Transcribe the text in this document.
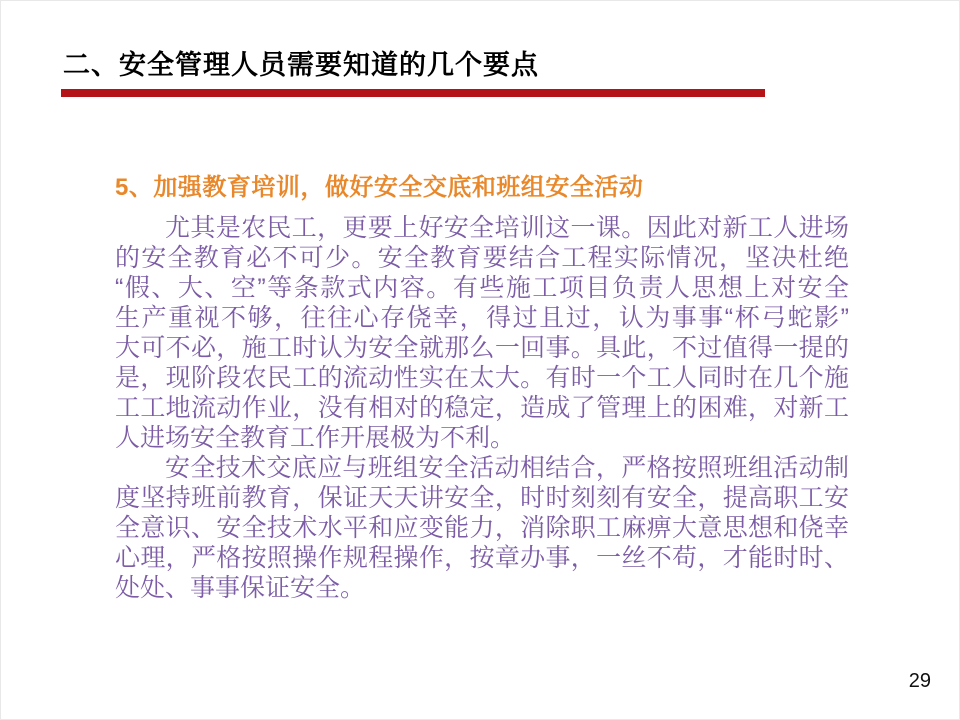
二、安全管理人员需要知道的几个要点
5、加强教育培训，做好安全交底和班组安全活动
尤其是农民工，更要上好安全培训这一课。因此对新工人进场
的安全教育必不可少。安全教育要结合工程实际情况，坚决杜绝
“假、大、空”等条款式内容。有些施工项目负责人思想上对安全
生产重视不够，往往心存侥幸，得过且过，认为事事“杯弓蛇影”
大可不必，施工时认为安全就那么一回事。具此，不过值得一提的
是，现阶段农民工的流动性实在太大。有时一个工人同时在几个施
工工地流动作业，没有相对的稳定，造成了管理上的困难，对新工
人进场安全教育工作开展极为不利。
安全技术交底应与班组安全活动相结合，严格按照班组活动制
度坚持班前教育，保证天天讲安全，时时刻刻有安全，提高职工安
全意识、安全技术水平和应变能力，消除职工麻痹大意思想和侥幸
心理，严格按照操作规程操作，按章办事，一丝不苟，才能时时、
处处、事事保证安全。
29
